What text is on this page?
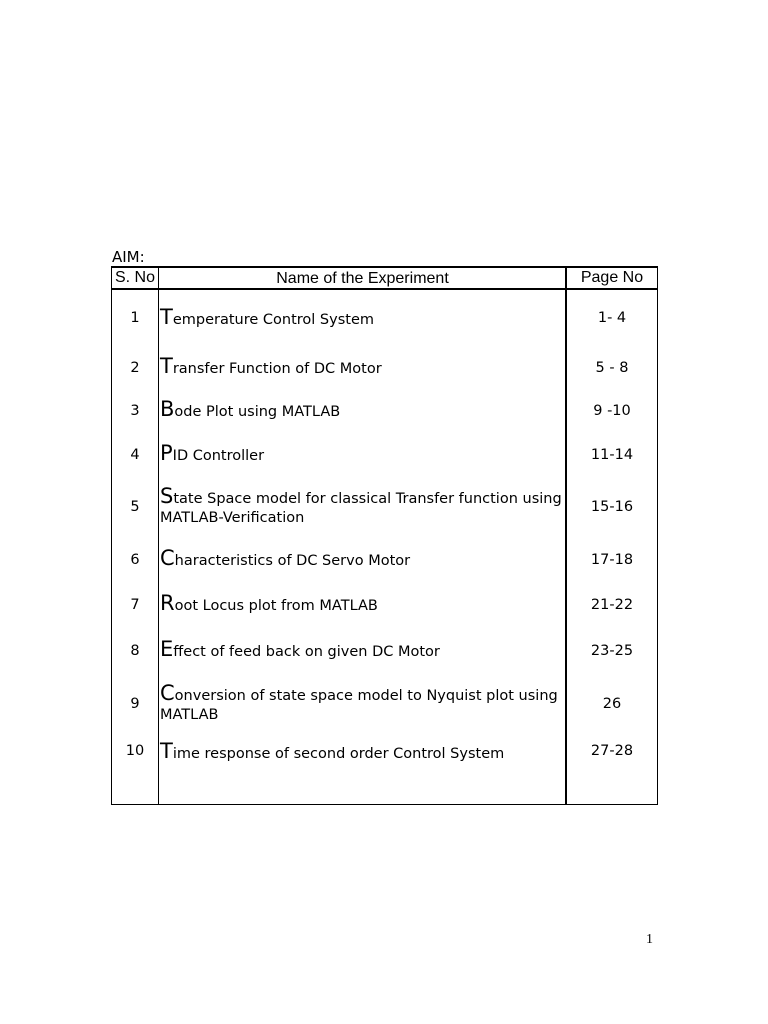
AIM:
S. No	Name of the Experiment	Page No
1	Temperature Control System	1- 4
2	Transfer Function of DC Motor	5 - 8
3	Bode Plot using MATLAB	9 -10
4	PID Controller	11-14
5	State Space model for classical Transfer function using MATLAB-Verification	15-16
6	Characteristics of DC Servo Motor	17-18
7	Root Locus plot from MATLAB	21-22
8	Effect of feed back on given DC Motor	23-25
9	Conversion of state space model to Nyquist plot using MATLAB	26
10	Time response of second order Control System	27-28
1
